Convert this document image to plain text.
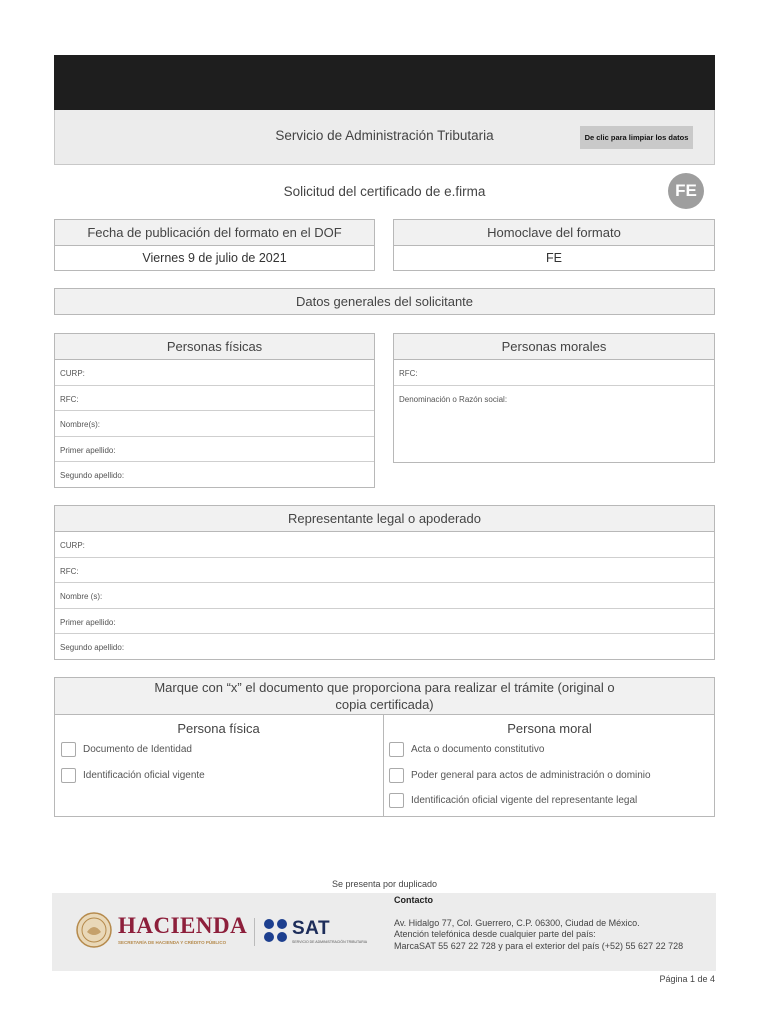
Servicio de Administración Tributaria	De clic para limpiar los datos
Solicitud del certificado de e.firma	FE
Fecha de publicación del formato en el DOF
Viernes 9 de julio de 2021
Homoclave del formato
FE
Datos generales del solicitante
Personas físicas
CURP:
RFC:
Nombre(s):
Primer apellido:
Segundo apellido:
Personas morales
RFC:
Denominación o Razón social:
Representante legal o apoderado
CURP:
RFC:
Nombre (s):
Primer apellido:
Segundo apellido:
Marque con “x” el documento que proporciona para realizar el trámite (original o
copia certificada)
Persona física	Persona moral
Documento de Identidad
Identificación oficial vigente
Acta o documento constitutivo
Poder general para actos de administración o dominio
Identificación oficial vigente del representante legal
Se presenta por duplicado
HACIENDA
SECRETARÍA DE HACIENDA Y CRÉDITO PÚBLICO
SAT
SERVICIO DE ADMINISTRACIÓN TRIBUTARIA
Contacto
Av. Hidalgo 77, Col. Guerrero, C.P. 06300, Ciudad de México.
Atención telefónica desde cualquier parte del país:
MarcaSAT 55 627 22 728 y para el exterior del país (+52) 55 627 22 728
Página 1 de 4
